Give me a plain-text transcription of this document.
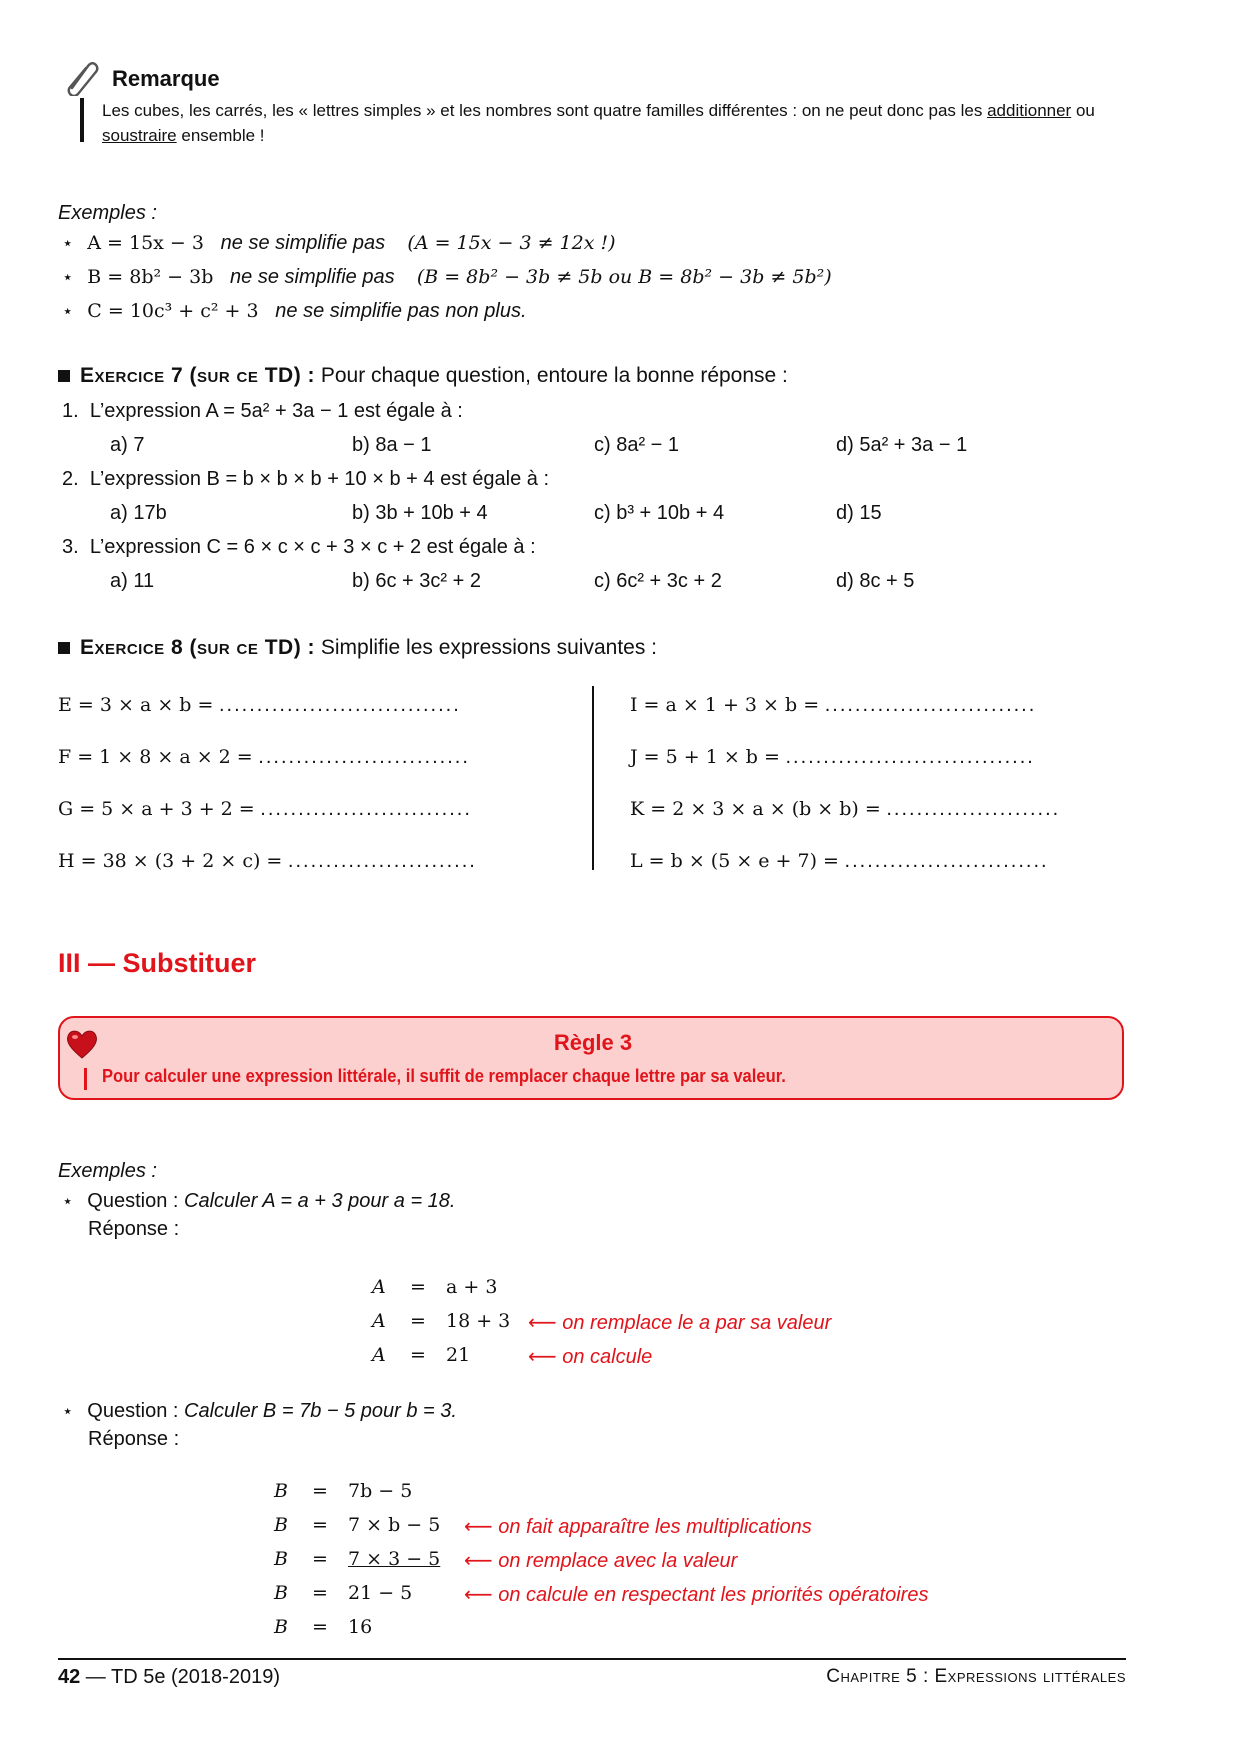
Remarque
Les cubes, les carrés, les « lettres simples » et les nombres sont quatre familles différentes : on ne peut donc pas les additionner ou soustraire ensemble !
Exemples :
⋆ A = 15x − 3 ne se simplifie pas (A = 15x − 3 ≠ 12x !)
⋆ B = 8b² − 3b ne se simplifie pas (B = 8b² − 3b ≠ 5b ou B = 8b² − 3b ≠ 5b²)
⋆ C = 10c³ + c² + 3 ne se simplifie pas non plus.
Exercice 7 (sur ce TD) : Pour chaque question, entoure la bonne réponse :
1. L’expression A = 5a² + 3a − 1 est égale à :
a) 7	b) 8a − 1	c) 8a² − 1	d) 5a² + 3a − 1
2. L’expression B = b × b × b + 10 × b + 4 est égale à :
a) 17b	b) 3b + 10b + 4	c) b³ + 10b + 4	d) 15
3. L’expression C = 6 × c × c + 3 × c + 2 est égale à :
a) 11	b) 6c + 3c² + 2	c) 6c² + 3c + 2	d) 8c + 5
Exercice 8 (sur ce TD) : Simplifie les expressions suivantes :
E = 3 × a × b = ................................
F = 1 × 8 × a × 2 = ............................
G = 5 × a + 3 + 2 = ............................
H = 38 × (3 + 2 × c) = .........................
I = a × 1 + 3 × b = ............................
J = 5 + 1 × b = .................................
K = 2 × 3 × a × (b × b) = .......................
L = b × (5 × e + 7) = ...........................
III — Substituer
Règle 3
Pour calculer une expression littérale, il suffit de remplacer chaque lettre par sa valeur.
Exemples :
⋆ Question : Calculer A = a + 3 pour a = 18.
Réponse :
A = a + 3
A = 18 + 3 ⟵ on remplace le a par sa valeur
A = 21	⟵ on calcule
⋆ Question : Calculer B = 7b − 5 pour b = 3.
Réponse :
B = 7b − 5
B = 7 × b − 5 ⟵ on fait apparaître les multiplications
B = 7 × 3 − 5 ⟵ on remplace avec la valeur
B = 21 − 5	⟵ on calcule en respectant les priorités opératoires
B = 16
42 — TD 5e (2018-2019)	Chapitre 5 : Expressions littérales
